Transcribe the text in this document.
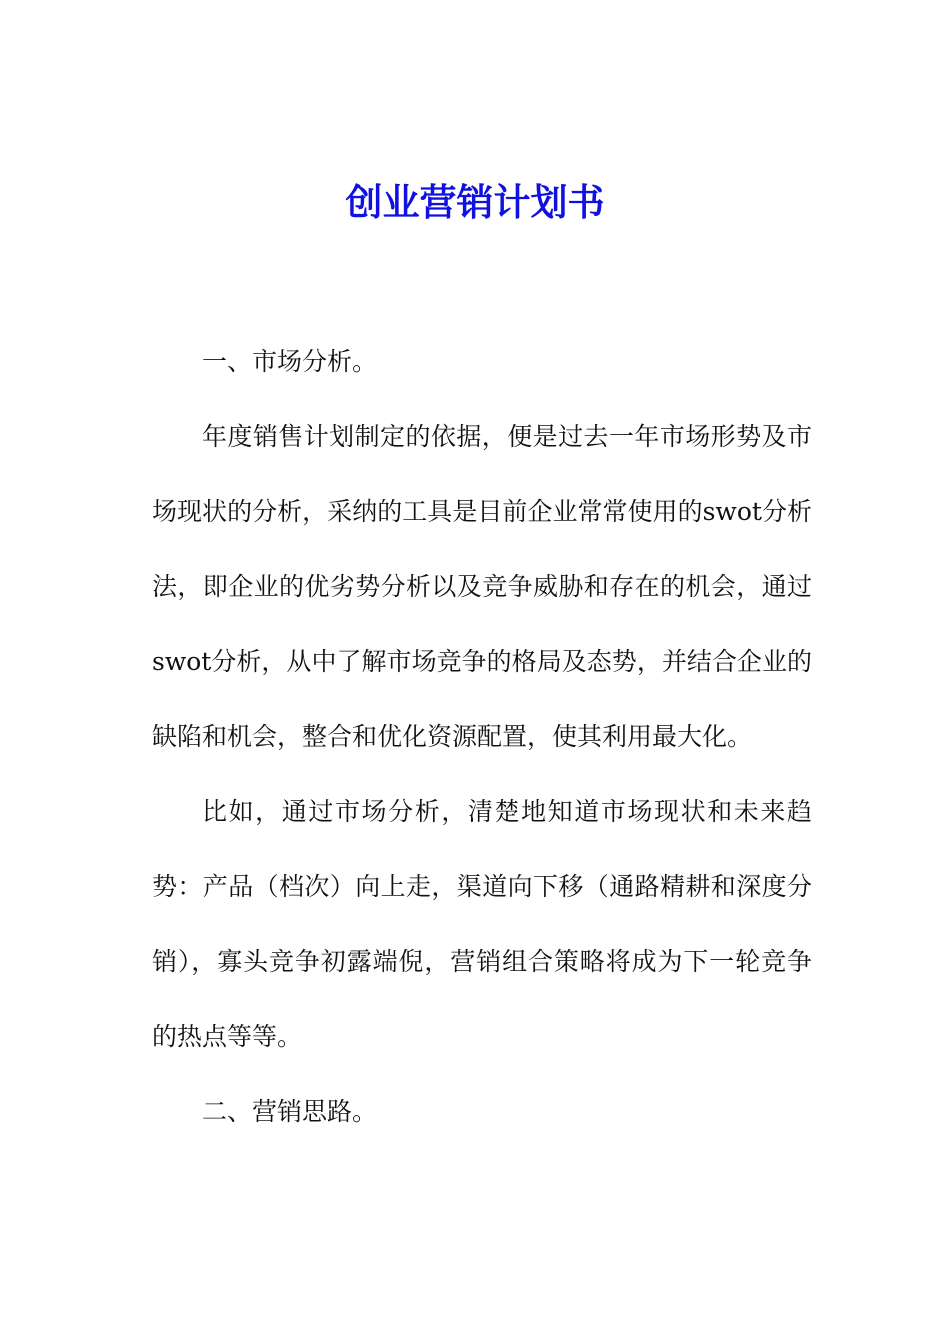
创业营销计划书

一、市场分析。

年度销售计划制定的依据，便是过去一年市场形势及市场现状的分析，采纳的工具是目前企业常常使用的swot分析法，即企业的优劣势分析以及竞争威胁和存在的机会，通过swot分析，从中了解市场竞争的格局及态势，并结合企业的缺陷和机会，整合和优化资源配置，使其利用最大化。

比如，通过市场分析，清楚地知道市场现状和未来趋势：产品（档次）向上走，渠道向下移（通路精耕和深度分销），寡头竞争初露端倪，营销组合策略将成为下一轮竞争的热点等等。

二、营销思路。
